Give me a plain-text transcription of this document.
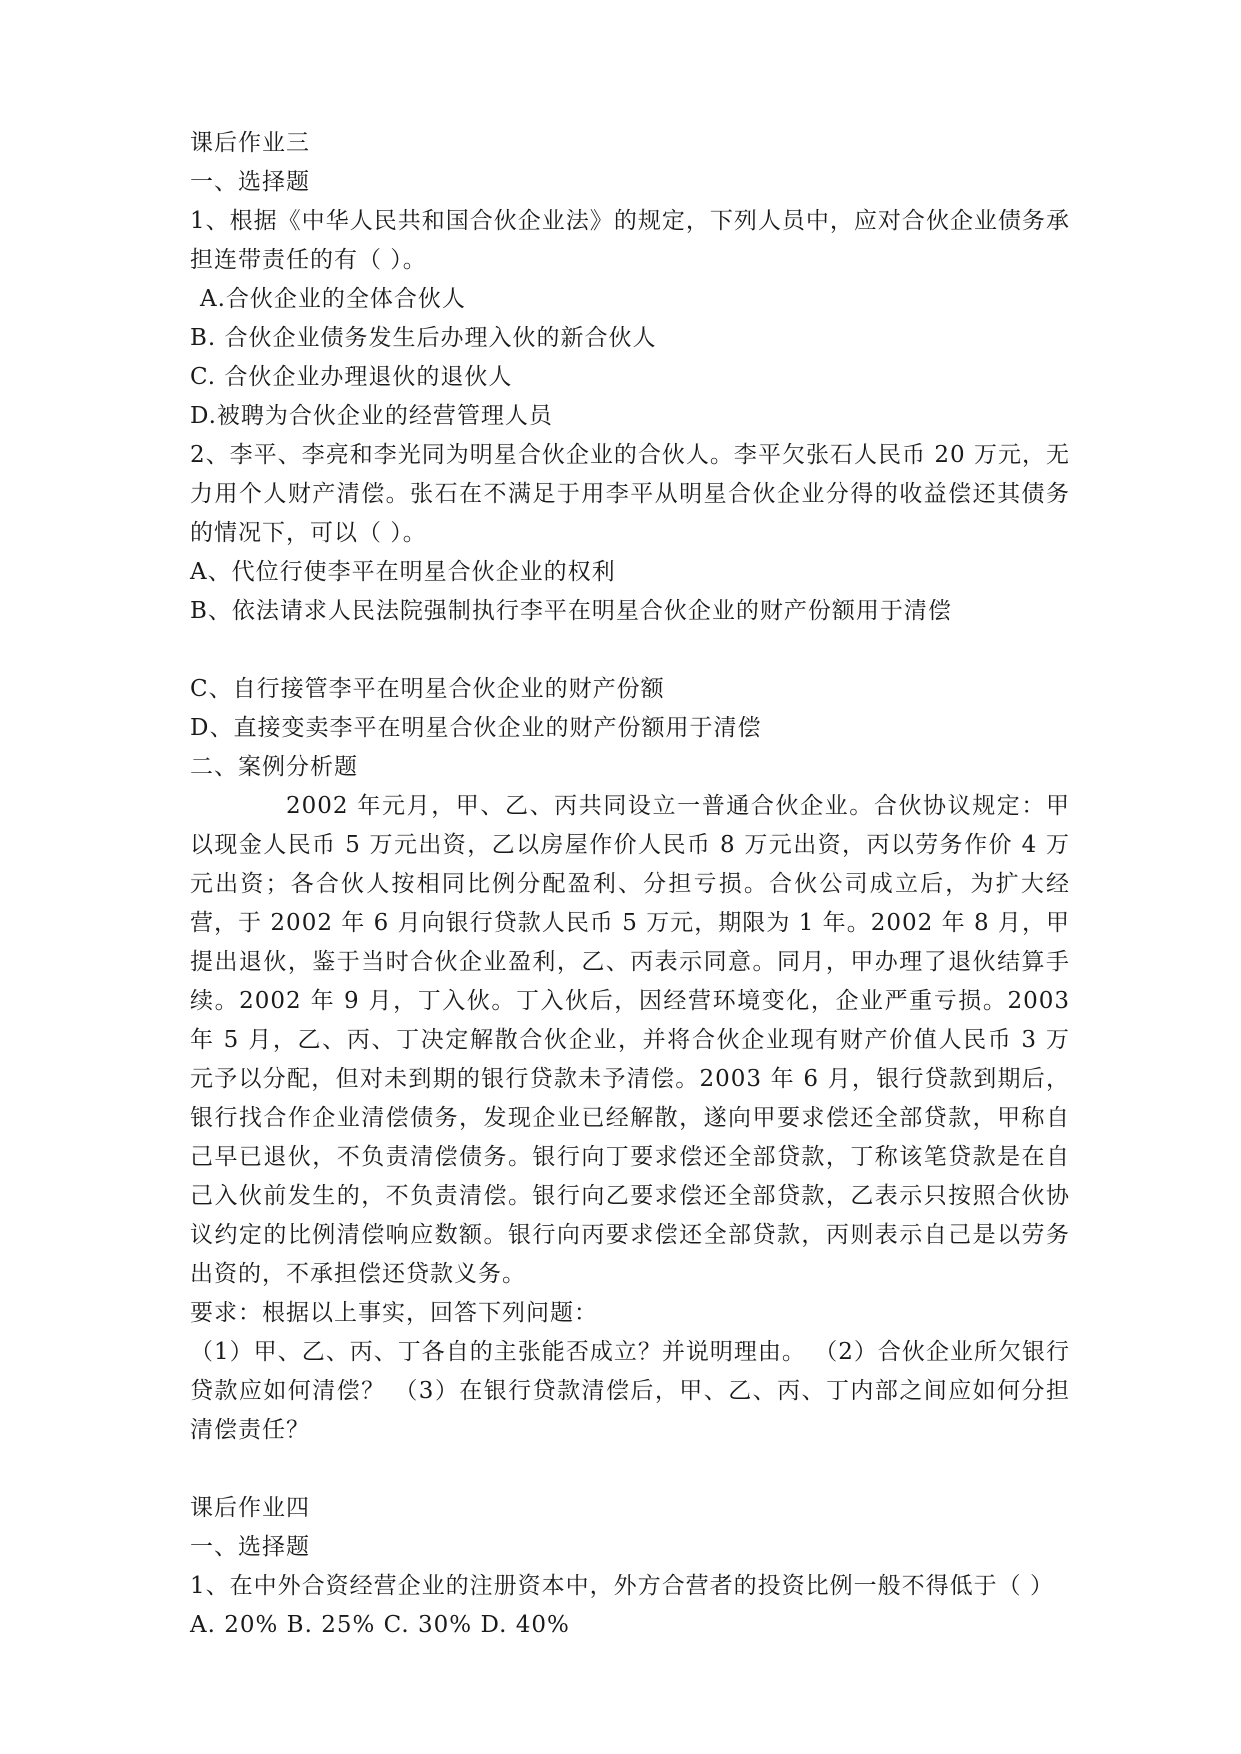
课后作业三
一、选择题
1、根据《中华人民共和国合伙企业法》的规定，下列人员中，应对合伙企业债务承担连带责任的有（ ）。
A.合伙企业的全体合伙人
B. 合伙企业债务发生后办理入伙的新合伙人
C. 合伙企业办理退伙的退伙人
D.被聘为合伙企业的经营管理人员
2、李平、李亮和李光同为明星合伙企业的合伙人。李平欠张石人民币 20 万元，无力用个人财产清偿。张石在不满足于用李平从明星合伙企业分得的收益偿还其债务的情况下，可以（ ）。
A、代位行使李平在明星合伙企业的权利
B、依法请求人民法院强制执行李平在明星合伙企业的财产份额用于清偿
C、自行接管李平在明星合伙企业的财产份额
D、直接变卖李平在明星合伙企业的财产份额用于清偿
二、案例分析题
2002 年元月，甲、乙、丙共同设立一普通合伙企业。合伙协议规定：甲以现金人民币 5 万元出资，乙以房屋作价人民币 8 万元出资，丙以劳务作价 4 万元出资；各合伙人按相同比例分配盈利、分担亏损。合伙公司成立后，为扩大经营，于 2002 年 6 月向银行贷款人民币 5 万元，期限为 1 年。2002 年 8 月，甲提出退伙，鉴于当时合伙企业盈利，乙、丙表示同意。同月，甲办理了退伙结算手续。2002 年 9 月，丁入伙。丁入伙后，因经营环境变化，企业严重亏损。2003 年 5 月，乙、丙、丁决定解散合伙企业，并将合伙企业现有财产价值人民币 3 万元予以分配，但对未到期的银行贷款未予清偿。2003 年 6 月，银行贷款到期后，银行找合作企业清偿债务，发现企业已经解散，遂向甲要求偿还全部贷款，甲称自己早已退伙，不负责清偿债务。银行向丁要求偿还全部贷款，丁称该笔贷款是在自己入伙前发生的，不负责清偿。银行向乙要求偿还全部贷款，乙表示只按照合伙协议约定的比例清偿响应数额。银行向丙要求偿还全部贷款，丙则表示自己是以劳务出资的，不承担偿还贷款义务。
要求：根据以上事实，回答下列问题：
（1）甲、乙、丙、丁各自的主张能否成立？并说明理由。 （2）合伙企业所欠银行贷款应如何清偿？ （3）在银行贷款清偿后，甲、乙、丙、丁内部之间应如何分担清偿责任？
课后作业四
一、选择题
1、在中外合资经营企业的注册资本中，外方合营者的投资比例一般不得低于（ ）
A. 20% B. 25% C. 30% D. 40%
